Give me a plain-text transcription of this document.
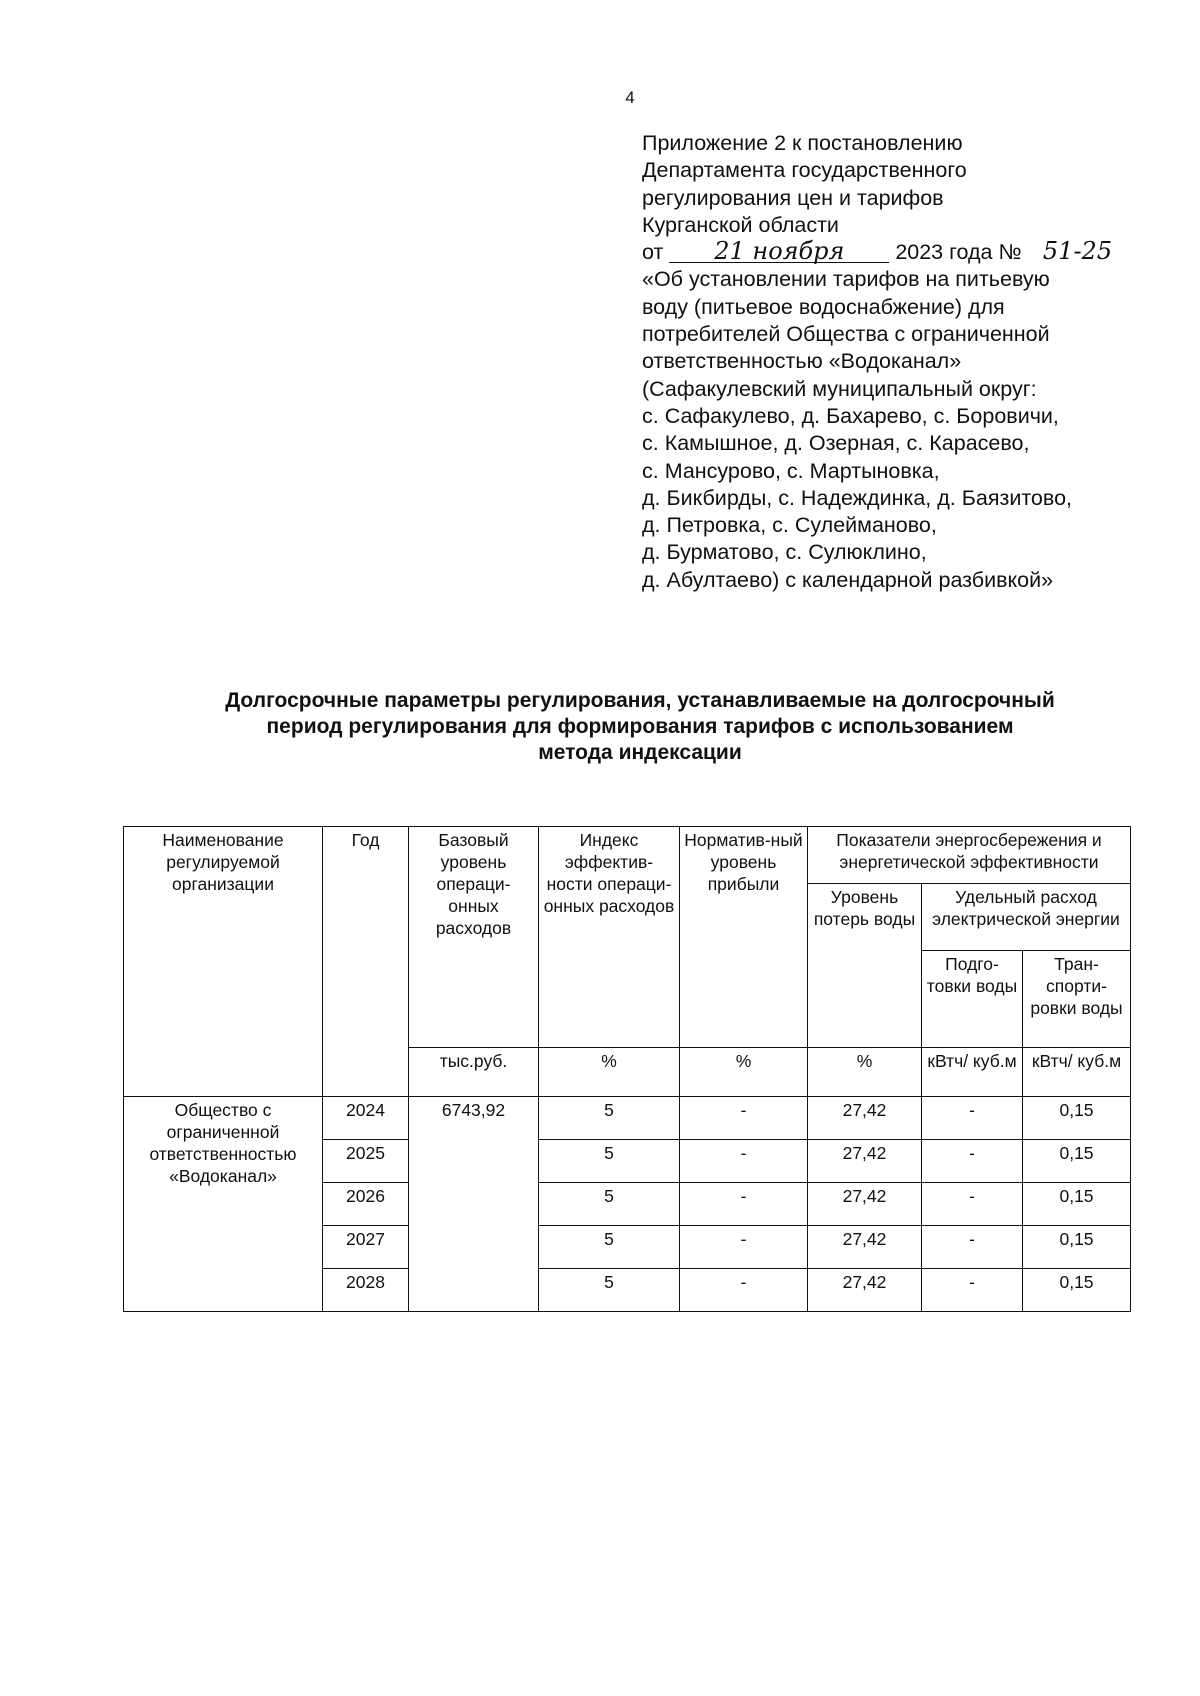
4
Приложение 2 к постановлению
Департамента государственного
регулирования цен и тарифов
Курганской области
от 21 ноября 2023 года № 51-25
«Об установлении тарифов на питьевую
воду (питьевое водоснабжение) для
потребителей Общества с ограниченной
ответственностью «Водоканал»
(Сафакулевский муниципальный округ:
с. Сафакулево, д. Бахарево, с. Боровичи,
с. Камышное, д. Озерная, с. Карасево,
с. Мансурово, с. Мартыновка,
д. Бикбирды, с. Надеждинка, д. Баязитово,
д. Петровка, с. Сулейманово,
д. Бурматово, с. Сулюклино,
д. Абултаево) с календарной разбивкой»
Долгосрочные параметры регулирования, устанавливаемые на долгосрочный
период регулирования для формирования тарифов с использованием
метода индексации
Наименование регулируемой организации	Год	Базовый уровень операци-онных расходов	Индекс эффектив-ности операци-онных расходов	Норматив-ный уровень прибыли	Показатели энергосбережения и энергетической эффективности		
					Уровень потерь воды	Удельный расход электрической энергии	
						Подго-товки воды	Тран-спорти-ровки воды
		тыс.руб.	%	%	%	кВтч/ куб.м	кВтч/ куб.м
Общество с ограниченной ответственностью «Водоканал»	2024	6743,92	5	-	27,42	-	0,15
	2025		5	-	27,42	-	0,15
	2026		5	-	27,42	-	0,15
	2027		5	-	27,42	-	0,15
	2028		5	-	27,42	-	0,15
